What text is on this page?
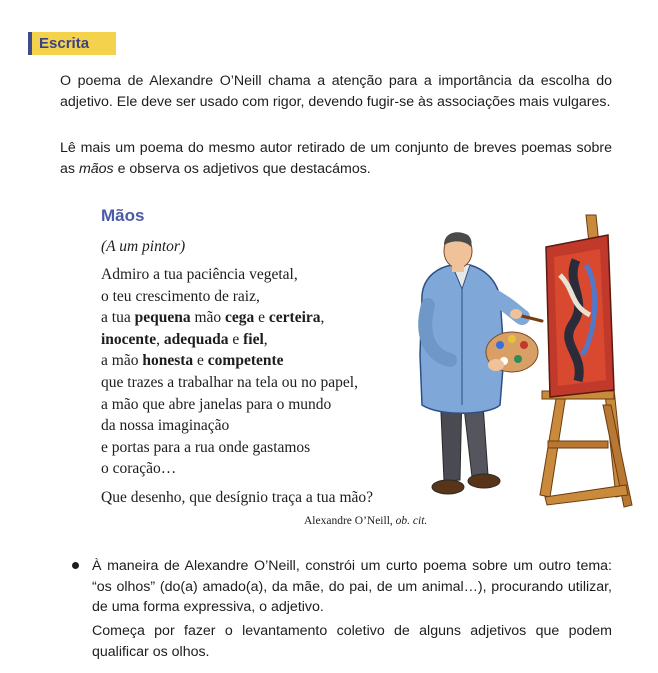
Escrita

O poema de Alexandre O’Neill chama a atenção para a importância da escolha do adjetivo. Ele deve ser usado com rigor, devendo fugir-se às associações mais vulgares.

Lê mais um poema do mesmo autor retirado de um conjunto de breves poemas sobre as mãos e observa os adjetivos que destacámos.

Mãos
(A um pintor)
Admiro a tua paciência vegetal,
o teu crescimento de raiz,
a tua pequena mão cega e certeira,
inocente, adequada e fiel,
a mão honesta e competente
que trazes a trabalhar na tela ou no papel,
a mão que abre janelas para o mundo
da nossa imaginação
e portas para a rua onde gastamos
o coração…
Que desenho, que desígnio traça a tua mão?
Alexandre O’Neill, ob. cit.

À maneira de Alexandre O’Neill, constrói um curto poema sobre um outro tema: “os olhos” (do(a) amado(a), da mãe, do pai, de um animal…), procurando utilizar, de uma forma expressiva, o adjetivo.

Começa por fazer o levantamento coletivo de alguns adjetivos que podem qualificar os olhos.
